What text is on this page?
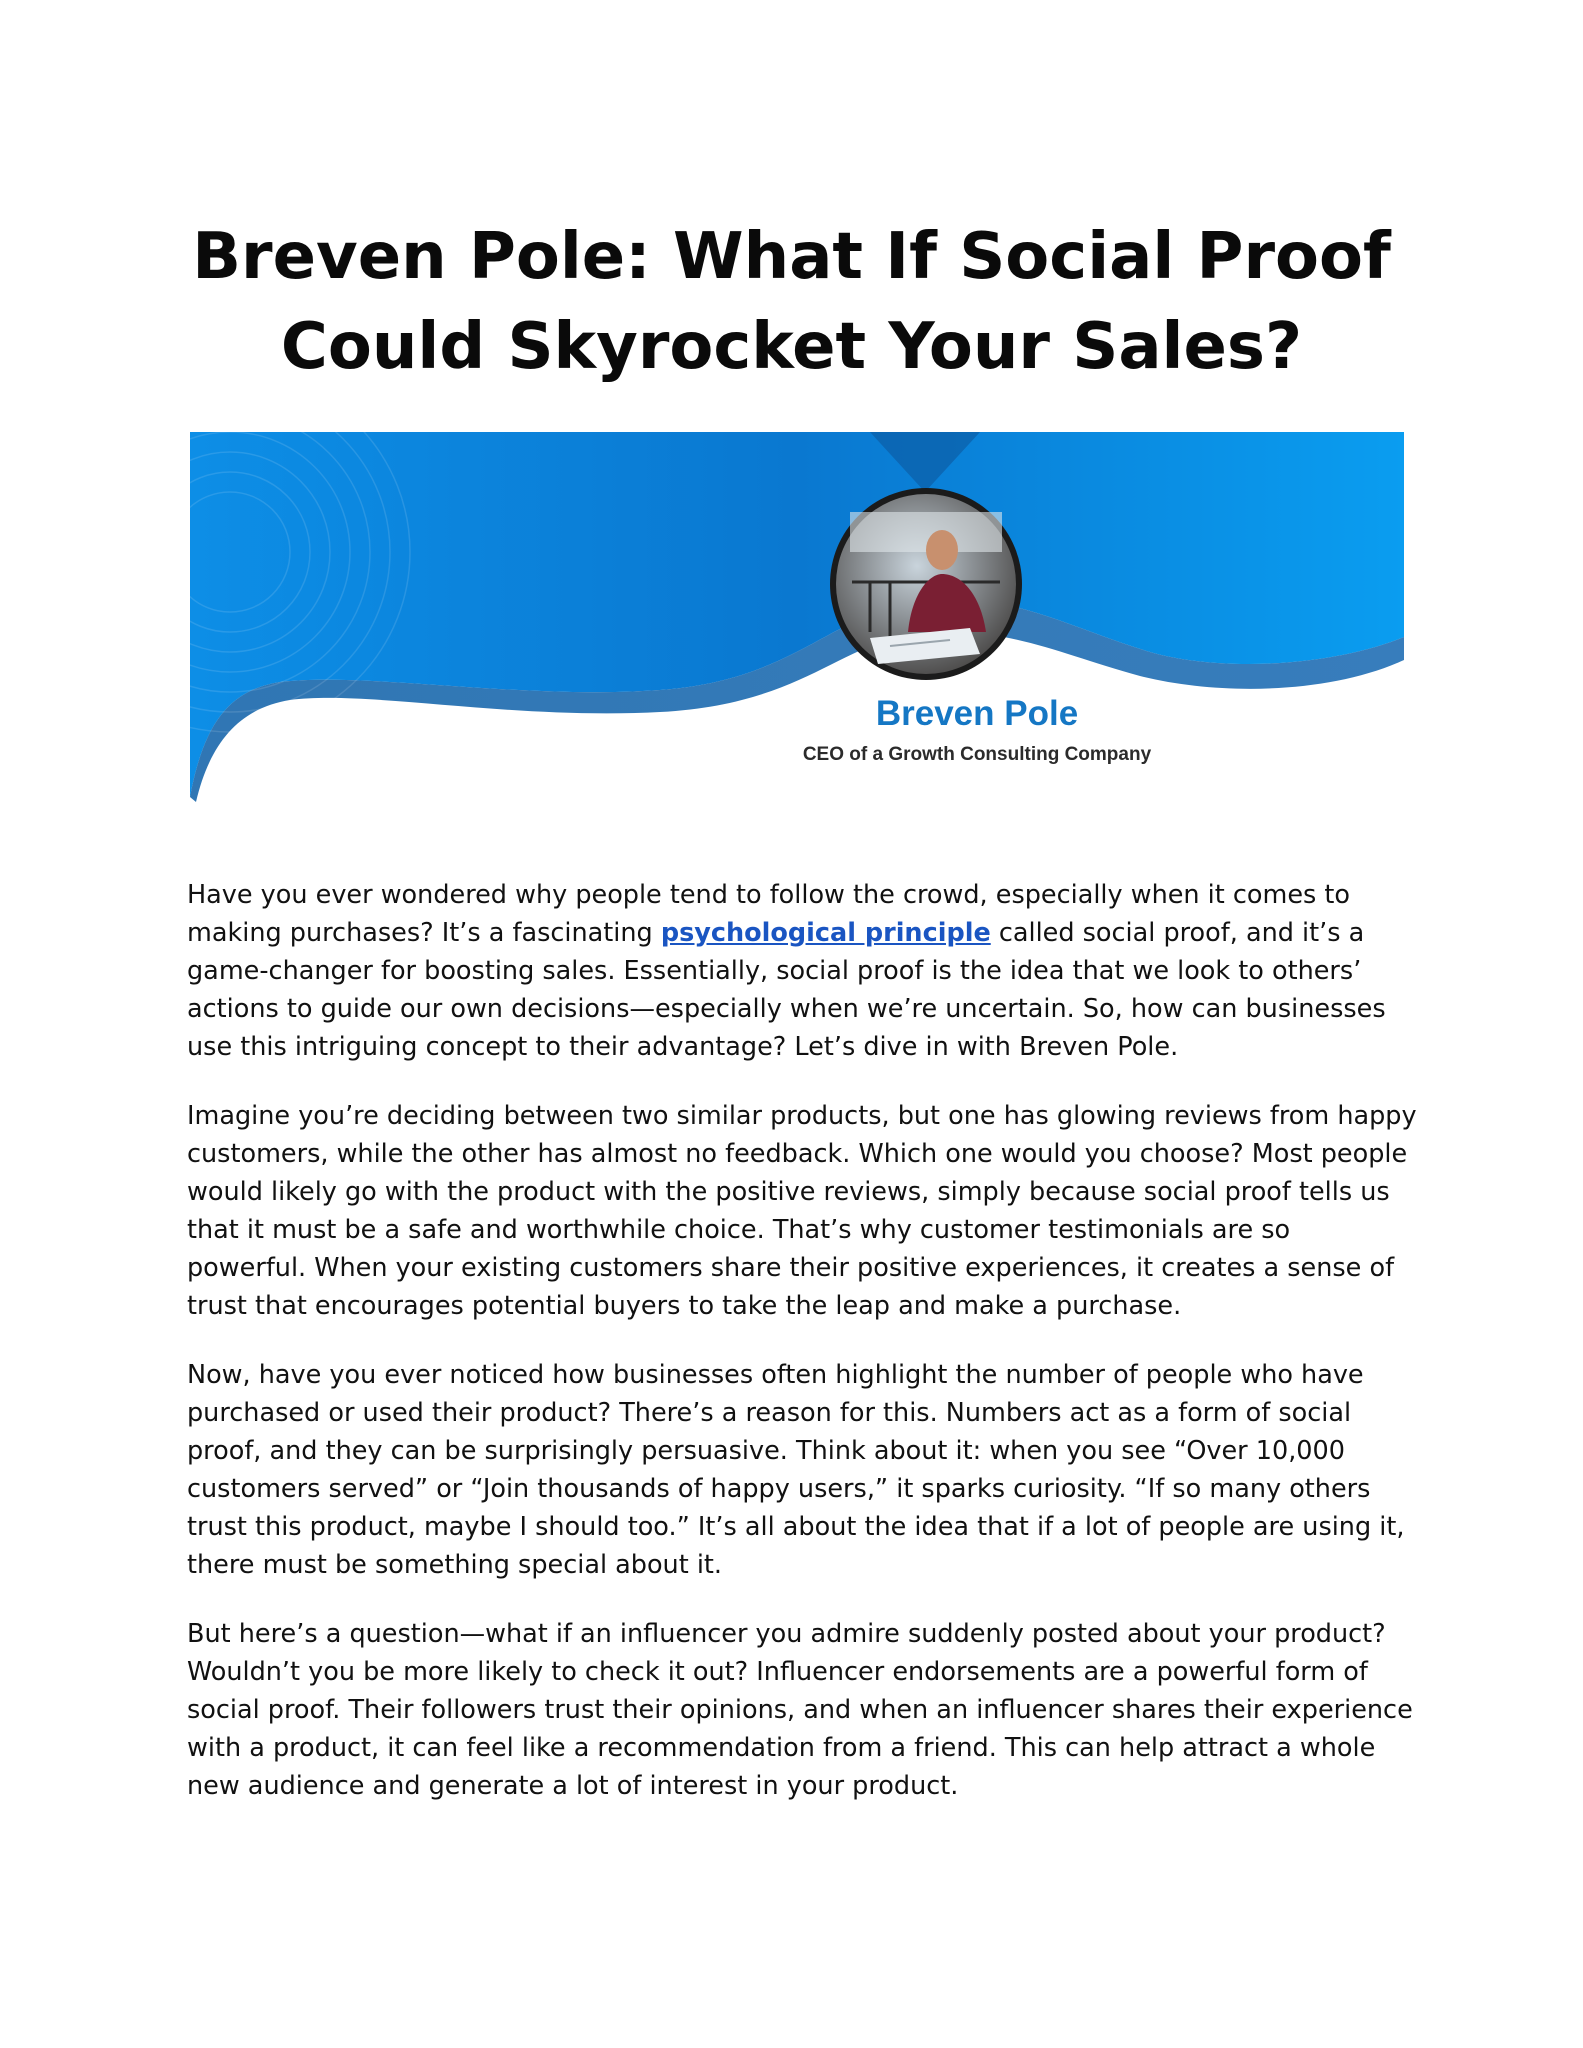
Breven Pole: What If Social Proof
Could Skyrocket Your Sales?

Breven Pole

CEO of a Growth Consulting Company

Have you ever wondered why people tend to follow the crowd, especially when it comes to making purchases? It’s a fascinating psychological principle called social proof, and it’s a game-changer for boosting sales. Essentially, social proof is the idea that we look to others’ actions to guide our own decisions—especially when we’re uncertain. So, how can businesses use this intriguing concept to their advantage? Let’s dive in with Breven Pole.

Imagine you’re deciding between two similar products, but one has glowing reviews from happy customers, while the other has almost no feedback. Which one would you choose? Most people would likely go with the product with the positive reviews, simply because social proof tells us that it must be a safe and worthwhile choice. That’s why customer testimonials are so powerful. When your existing customers share their positive experiences, it creates a sense of trust that encourages potential buyers to take the leap and make a purchase.

Now, have you ever noticed how businesses often highlight the number of people who have purchased or used their product? There’s a reason for this. Numbers act as a form of social proof, and they can be surprisingly persuasive. Think about it: when you see “Over 10,000 customers served” or “Join thousands of happy users,” it sparks curiosity. “If so many others trust this product, maybe I should too.” It’s all about the idea that if a lot of people are using it, there must be something special about it.

But here’s a question—what if an influencer you admire suddenly posted about your product? Wouldn’t you be more likely to check it out? Influencer endorsements are a powerful form of social proof. Their followers trust their opinions, and when an influencer shares their experience with a product, it can feel like a recommendation from a friend. This can help attract a whole new audience and generate a lot of interest in your product.
